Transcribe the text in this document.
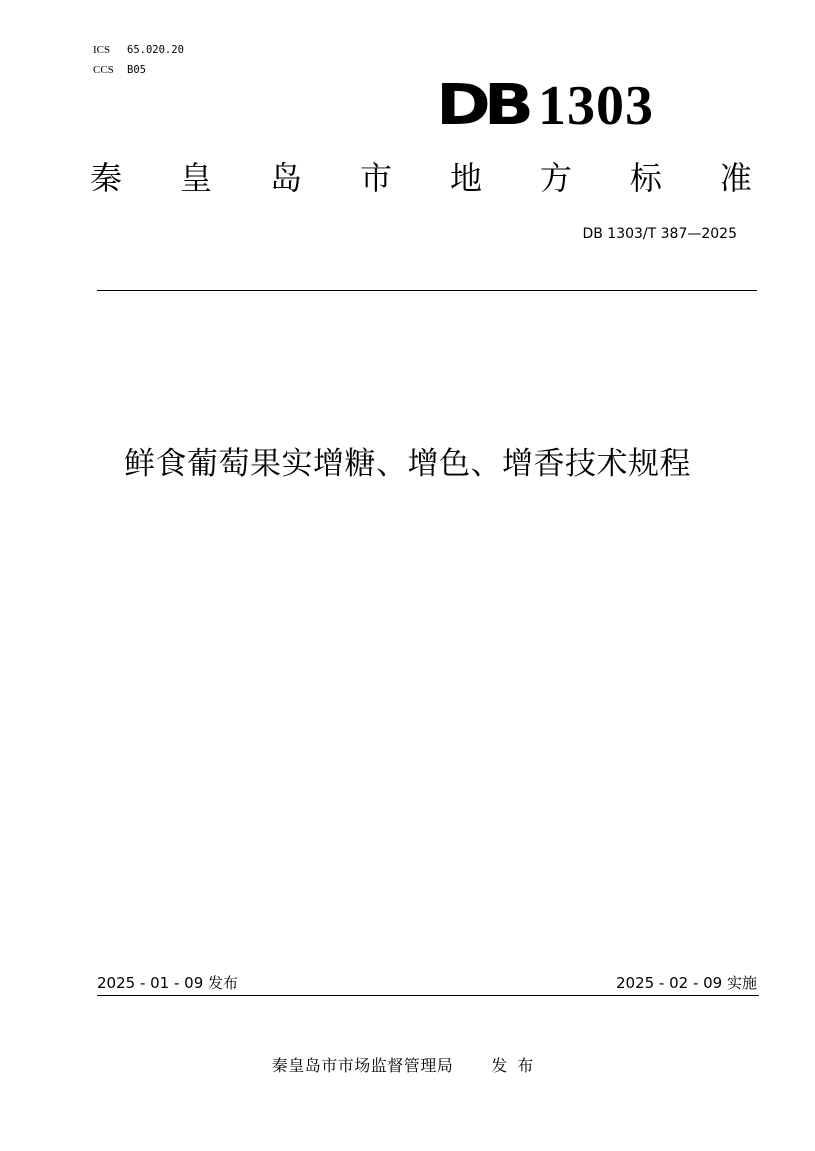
ICS 65.020.20
CCS B05
DB 1303
秦 皇 岛 市 地 方 标 准
DB 1303/T 387—2025
鲜食葡萄果实增糖、增色、增香技术规程
2025 - 01 - 09 发布	2025 - 02 - 09 实施
秦皇岛市市场监督管理局 发布
